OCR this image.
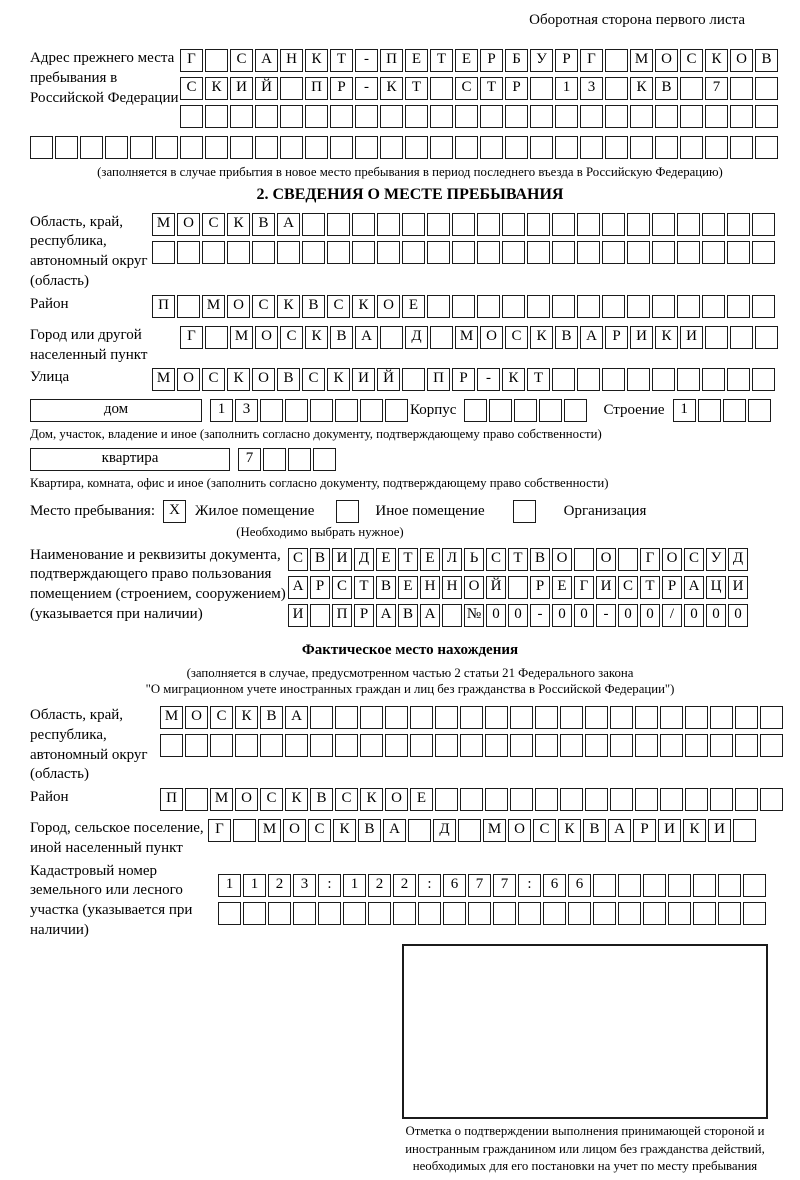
Оборотная сторона первого листа
Адрес прежнего места пребывания в Российской Федерации
Г	С А Н К Т - П Е Т Е Р Б У Р Г	М О С К О В
С К И Й	П Р - К Т	С Т Р	1 3	К В	7
(заполняется в случае прибытия в новое место пребывания в период последнего въезда в Российскую Федерацию)
2. СВЕДЕНИЯ О МЕСТЕ ПРЕБЫВАНИЯ
Область, край, республика, автономный округ (область)
М О С К В А
Район	П	М О С К В С К О Е
Город или другой населенный пункт
Г	М О С К В А	Д	М О С К В А Р И К И
Улица	М О С К О В С К И Й	П Р - К Т
дом	1 3	Корпус	Строение 1
Дом, участок, владение и иное (заполнить согласно документу, подтверждающему право собственности)
квартира	7
Квартира, комната, офис и иное (заполнить согласно документу, подтверждающему право собственности)
Место пребывания: X	Жилое помещение	Иное помещение	Организация
(Необходимо выбрать нужное)
Наименование и реквизиты документа, подтверждающего право пользования помещением (строением, сооружением) (указывается при наличии)
С В И Д Е Т Е Л Ь С Т В О О Г О С У Д
А Р С Т В Е Н Н О Й Р Е Г И С Т Р А Ц И
И П Р А В А № 0 0 - 0 0 - 0 0 / 0 0 0
Фактическое место нахождения
(заполняется в случае, предусмотренном частью 2 статьи 21 Федерального закона
"О миграционном учете иностранных граждан и лиц без гражданства в Российской Федерации")
Область, край, республика, автономный округ (область)
М О С К В А
Район	П	М О С К В С К О Е
Город, сельское поселение, иной населенный пункт
Г	М О С К В А	Д	М О С К В А Р И К И
Кадастровый номер земельного или лесного участка (указывается при наличии)
1 1 2 3 : 1 2 2 : 6 7 7 : 6 6
Отметка о подтверждении выполнения принимающей стороной и иностранным гражданином или лицом без гражданства действий, необходимых для его постановки на учет по месту пребывания
